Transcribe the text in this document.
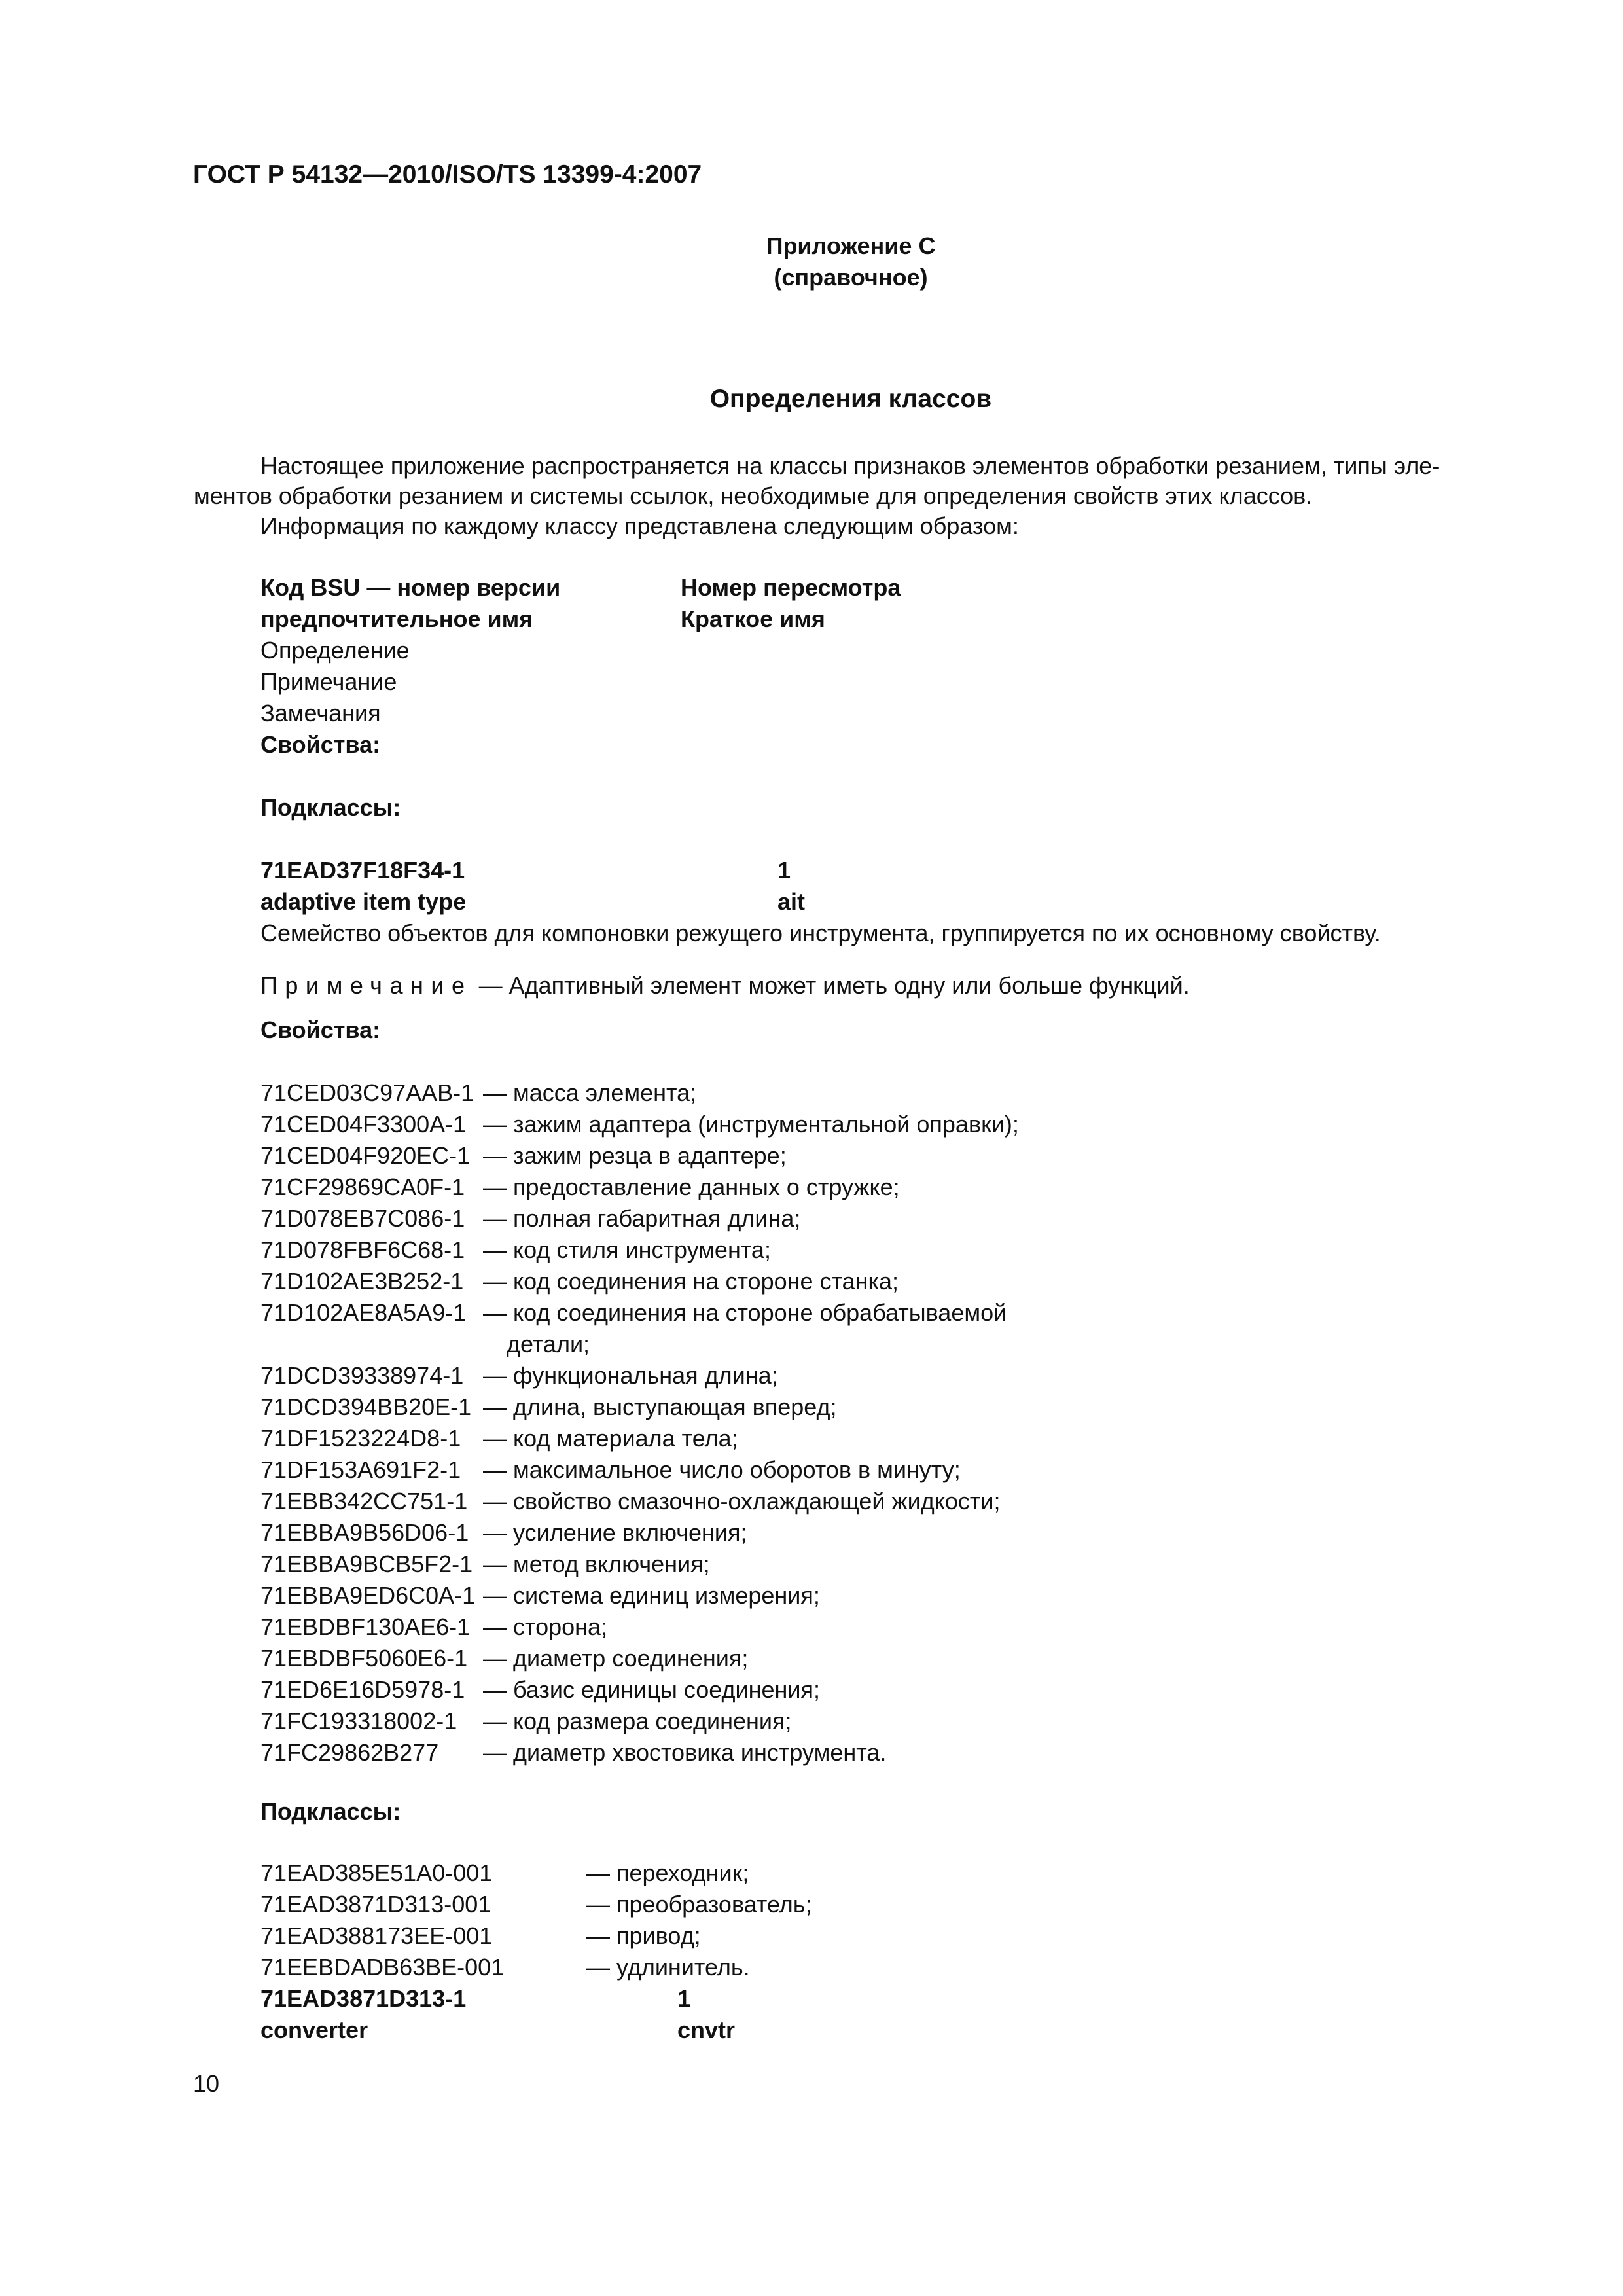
ГОСТ Р 54132—2010/ISO/TS 13399-4:2007
Приложение С
(справочное)
Определения классов
Настоящее приложение распространяется на классы признаков элементов обработки резанием, типы эле-
ментов обработки резанием и системы ссылок, необходимые для определения свойств этих классов.
Информация по каждому классу представлена следующим образом:
Код BSU — номер версии	Номер пересмотра
предпочтительное имя	Краткое имя
Определение
Примечание
Замечания
Свойства:
Подклассы:
71EAD37F18F34-1	1
adaptive item type	ait
Семейство объектов для компоновки режущего инструмента, группируется по их основному свойству.
Примечание — Адаптивный элемент может иметь одну или больше функций.
Свойства:
71CED03C97AAB-1 — масса элемента;
71CED04F3300A-1 — зажим адаптера (инструментальной оправки);
71CED04F920EC-1 — зажим резца в адаптере;
71CF29869CA0F-1 — предоставление данных о стружке;
71D078EB7C086-1 — полная габаритная длина;
71D078FBF6C68-1 — код стиля инструмента;
71D102AE3B252-1 — код соединения на стороне станка;
71D102AE8A5A9-1 — код соединения на стороне обрабатываемой
детали;
71DCD39338974-1 — функциональная длина;
71DCD394BB20E-1 — длина, выступающая вперед;
71DF1523224D8-1 — код материала тела;
71DF153A691F2-1 — максимальное число оборотов в минуту;
71EBB342CC751-1 — свойство смазочно-охлаждающей жидкости;
71EBBA9B56D06-1 — усиление включения;
71EBBA9BCB5F2-1 — метод включения;
71EBBA9ED6C0A-1 — система единиц измерения;
71EBDBF130AE6-1 — сторона;
71EBDBF5060E6-1 — диаметр соединения;
71ED6E16D5978-1 — базис единицы соединения;
71FC193318002-1 — код размера соединения;
71FC29862B277 — диаметр хвостовика инструмента.
Подклассы:
71EAD385E51A0-001	— переходник;
71EAD3871D313-001	— преобразователь;
71EAD388173EE-001	— привод;
71EEBDADB63BE-001	— удлинитель.
71EAD3871D313-1	1
converter	cnvtr
10
